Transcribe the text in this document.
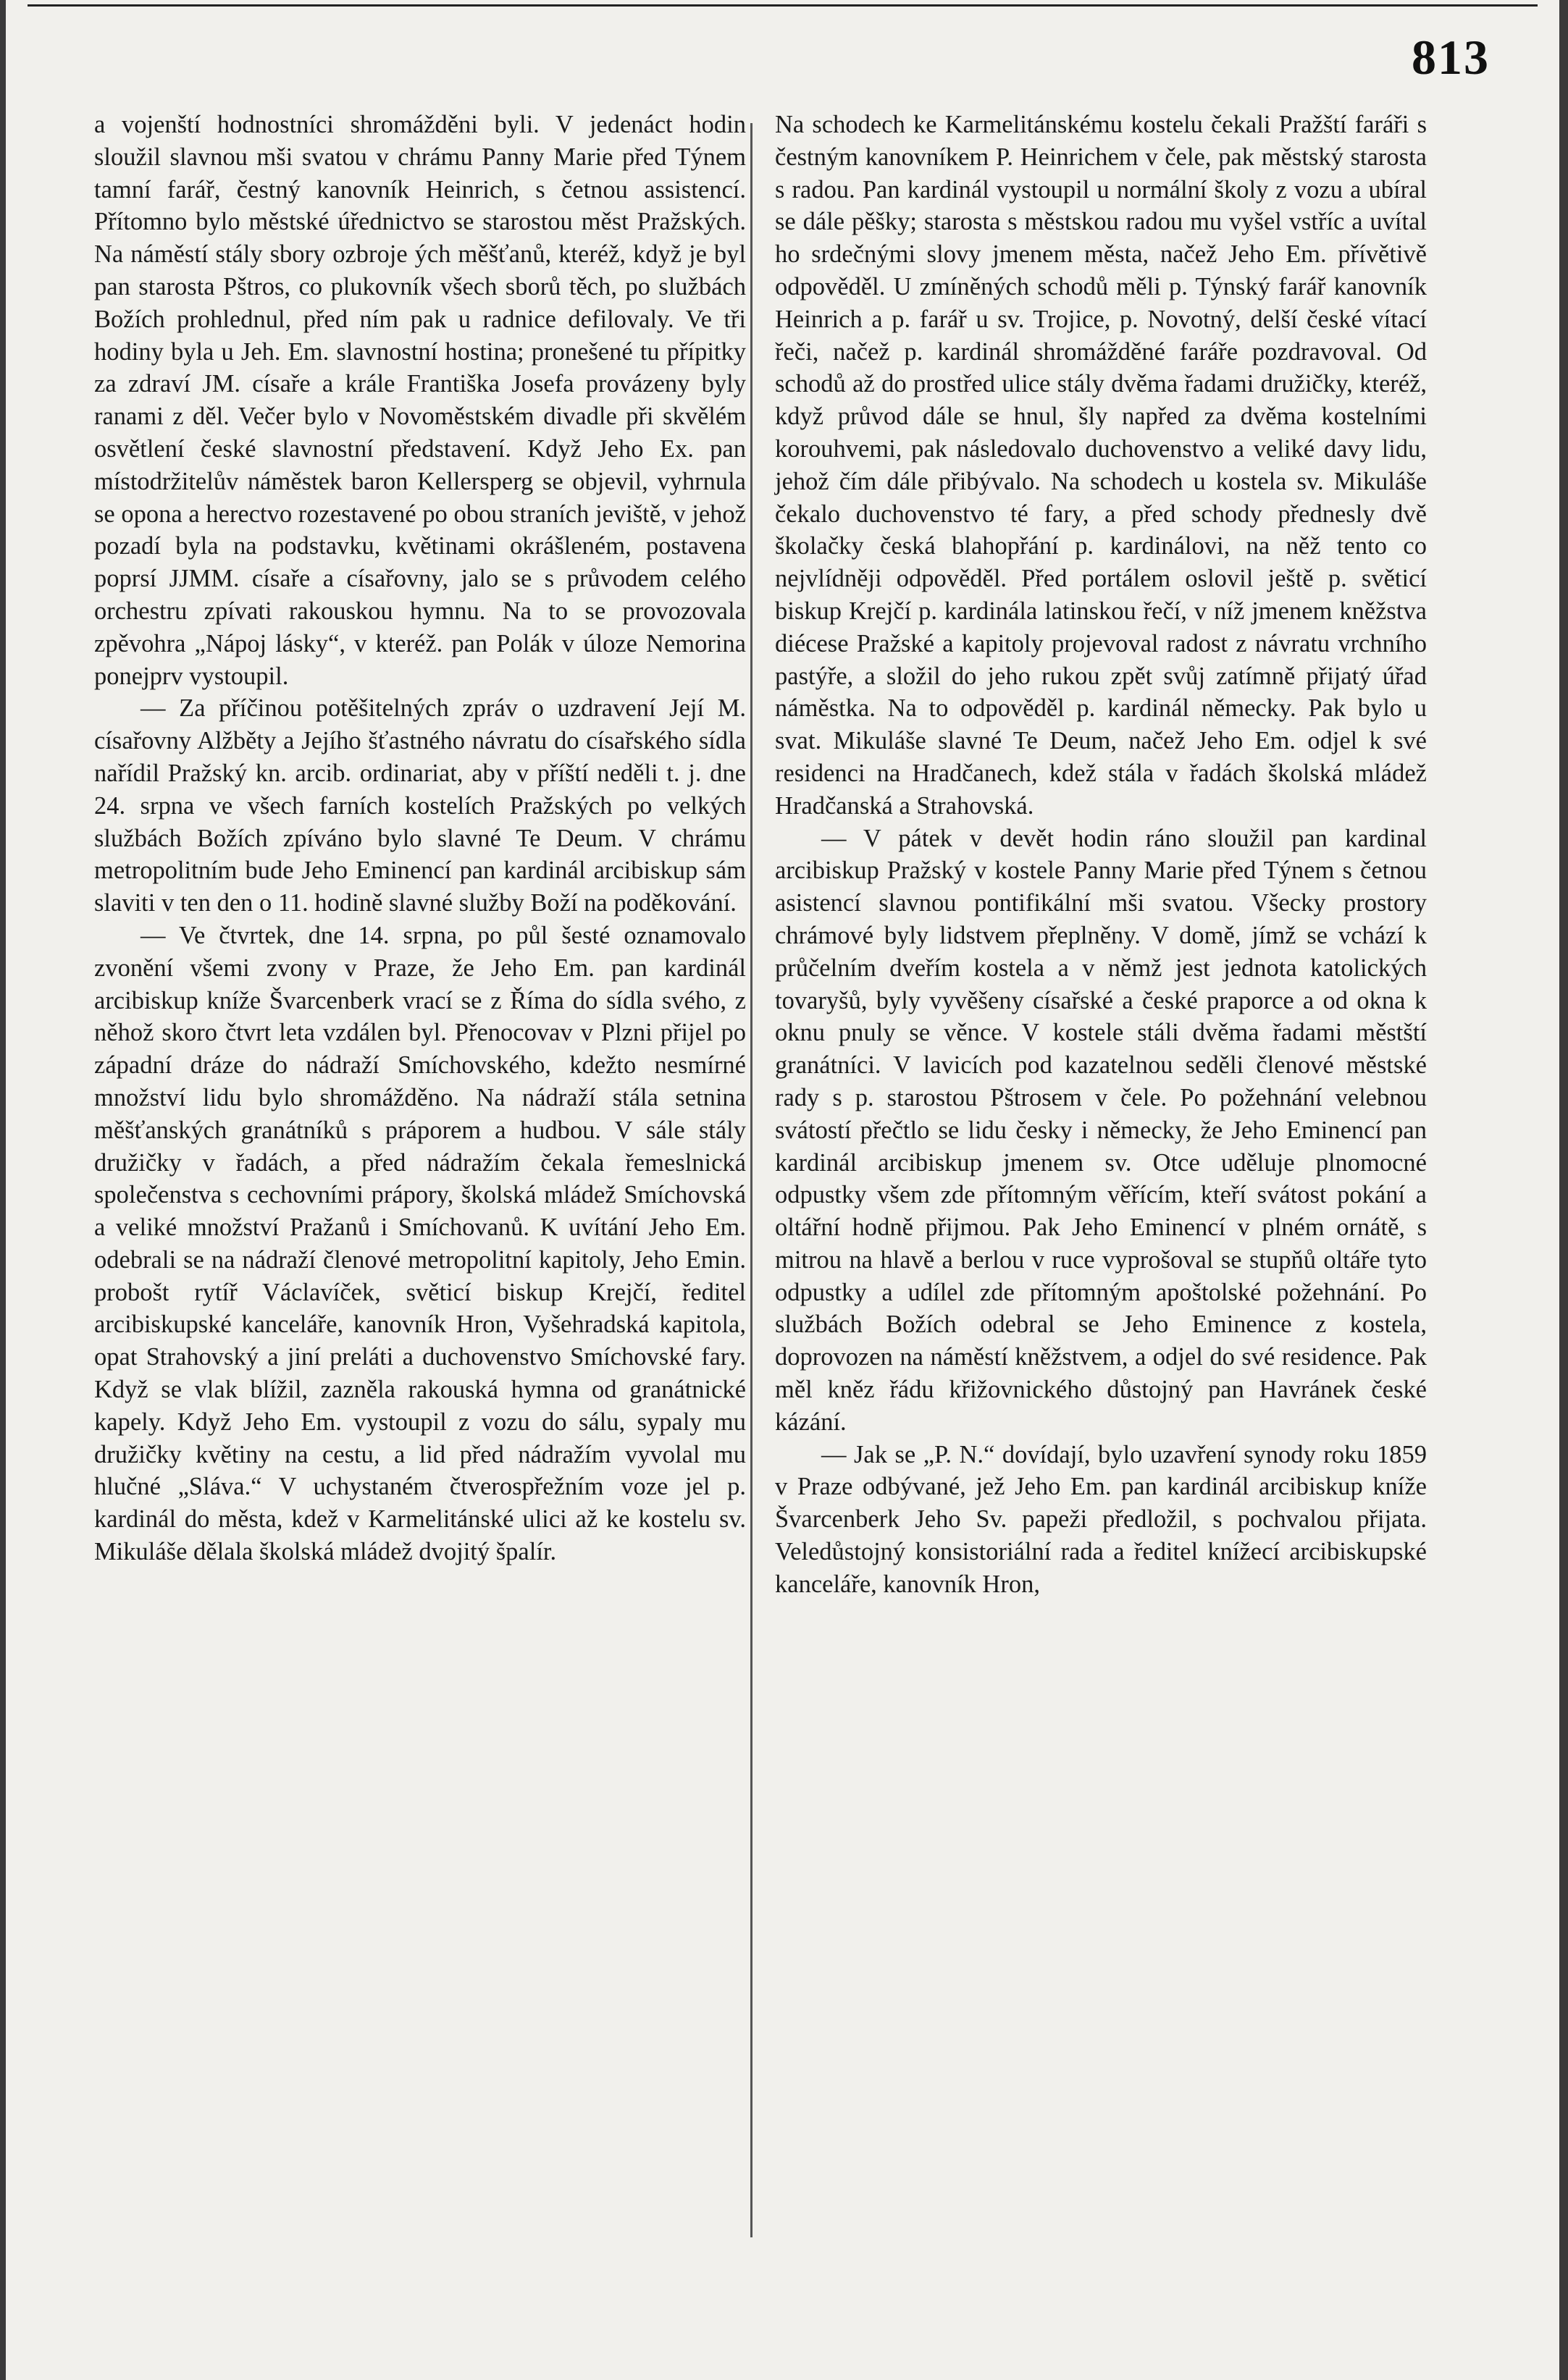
813

a vojenští hodnostníci shromážděni byli. V jedenáct hodin sloužil slavnou mši svatou v chrámu Panny Marie před Týnem tamní farář, čestný kanovník Heinrich, s četnou assistencí. Přítomno bylo městské úřednictvo se starostou měst Pražských. Na náměstí stály sbory ozbroje ých měšťanů, kteréž, když je byl pan starosta Pštros, co plukovník všech sborů těch, po službách Božích prohlednul, před ním pak u radnice defilovaly. Ve tři hodiny byla u Jeh. Em. slavnostní hostina; pronešené tu přípitky za zdraví JM. císaře a krále Františka Josefa provázeny byly ranami z děl. Večer bylo v Novoměstském divadle při skvělém osvětlení české slavnostní představení. Když Jeho Ex. pan místodržitelův náměstek baron Kellersperg se objevil, vyhrnula se opona a herectvo rozestavené po obou straních jeviště, v jehož pozadí byla na podstavku, květinami okrášleném, postavena poprsí JJMM. císaře a císařovny, jalo se s průvodem celého orchestru zpívati rakouskou hymnu. Na to se provozovala zpěvohra „Nápoj lásky“, v kteréž. pan Polák v úloze Nemorina ponejprv vystoupil.

— Za příčinou potěšitelných zpráv o uzdravení Její M. císařovny Alžběty a Jejího šťastného návratu do císařského sídla nařídil Pražský kn. arcib. ordinariat, aby v příští neděli t. j. dne 24. srpna ve všech farních kostelích Pražských po velkých službách Božích zpíváno bylo slavné Te Deum. V chrámu metropolitním bude Jeho Eminencí pan kardinál arcibiskup sám slaviti v ten den o 11. hodině slavné služby Boží na poděkování.

— Ve čtvrtek, dne 14. srpna, po půl šesté oznamovalo zvonění všemi zvony v Praze, že Jeho Em. pan kardinál arcibiskup kníže Švarcenberk vrací se z Říma do sídla svého, z něhož skoro čtvrt leta vzdálen byl. Přenocovav v Plzni přijel po západní dráze do nádraží Smíchovského, kdežto nesmírné množství lidu bylo shromážděno. Na nádraží stála setnina měšťanských granátníků s práporem a hudbou. V sále stály družičky v řadách, a před nádražím čekala řemeslnická společenstva s cechovními prápory, školská mládež Smíchovská a veliké množství Pražanů i Smíchovanů. K uvítání Jeho Em. odebrali se na nádraží členové metropolitní kapitoly, Jeho Emin. probošt rytíř Václavíček, světicí biskup Krejčí, ředitel arcibiskupské kanceláře, kanovník Hron, Vyšehradská kapitola, opat Strahovský a jiní preláti a duchovenstvo Smíchovské fary. Když se vlak blížil, zazněla rakouská hymna od granátnické kapely. Když Jeho Em. vystoupil z vozu do sálu, sypaly mu družičky květiny na cestu, a lid před nádražím vyvolal mu hlučné „Sláva.“ V uchystaném čtverospřežním voze jel p. kardinál do města, kdež v Karmelitánské ulici až ke kostelu sv. Mikuláše dělala školská mládež dvojitý špalír.

Na schodech ke Karmelitánskému kostelu čekali Pražští faráři s čestným kanovníkem P. Heinrichem v čele, pak městský starosta s radou. Pan kardinál vystoupil u normální školy z vozu a ubíral se dále pěšky; starosta s městskou radou mu vyšel vstříc a uvítal ho srdečnými slovy jmenem města, načež Jeho Em. přívětivě odpověděl. U zmíněných schodů měli p. Týnský farář kanovník Heinrich a p. farář u sv. Trojice, p. Novotný, delší české vítací řeči, načež p. kardinál shromážděné faráře pozdravoval. Od schodů až do prostřed ulice stály dvěma řadami družičky, kteréž, když průvod dále se hnul, šly napřed za dvěma kostelními korouhvemi, pak následovalo duchovenstvo a veliké davy lidu, jehož čím dále přibývalo. Na schodech u kostela sv. Mikuláše čekalo duchovenstvo té fary, a před schody přednesly dvě školačky česká blahopřání p. kardinálovi, na něž tento co nejvlídněji odpověděl. Před portálem oslovil ještě p. světicí biskup Krejčí p. kardinála latinskou řečí, v níž jmenem kněžstva diécese Pražské a kapitoly projevoval radost z návratu vrchního pastýře, a složil do jeho rukou zpět svůj zatímně přijatý úřad náměstka. Na to odpověděl p. kardinál německy. Pak bylo u svat. Mikuláše slavné Te Deum, načež Jeho Em. odjel k své residenci na Hradčanech, kdež stála v řadách školská mládež Hradčanská a Strahovská.

— V pátek v devět hodin ráno sloužil pan kardinal arcibiskup Pražský v kostele Panny Marie před Týnem s četnou asistencí slavnou pontifikální mši svatou. Všecky prostory chrámové byly lidstvem přeplněny. V domě, jímž se vchází k průčelním dveřím kostela a v němž jest jednota katolických tovaryšů, byly vyvěšeny císařské a české praporce a od okna k oknu pnuly se věnce. V kostele stáli dvěma řadami městští granátníci. V lavicích pod kazatelnou seděli členové městské rady s p. starostou Pštrosem v čele. Po požehnání velebnou svátostí přečtlo se lidu česky i německy, že Jeho Eminencí pan kardinál arcibiskup jmenem sv. Otce uděluje plnomocné odpustky všem zde přítomným věřícím, kteří svátost pokání a oltářní hodně přijmou. Pak Jeho Eminencí v plném ornátě, s mitrou na hlavě a berlou v ruce vyprošoval se stupňů oltáře tyto odpustky a udílel zde přítomným apoštolské požehnání. Po službách Božích odebral se Jeho Eminence z kostela, doprovozen na náměstí kněžstvem, a odjel do své residence. Pak měl kněz řádu křižovnického důstojný pan Havránek české kázání.

— Jak se „P. N.“ dovídají, bylo uzavření synody roku 1859 v Praze odbývané, jež Jeho Em. pan kardinál arcibiskup kníže Švarcenberk Jeho Sv. papeži předložil, s pochvalou přijata. Veledůstojný konsistoriální rada a ředitel knížecí arcibiskupské kanceláře, kanovník Hron,
